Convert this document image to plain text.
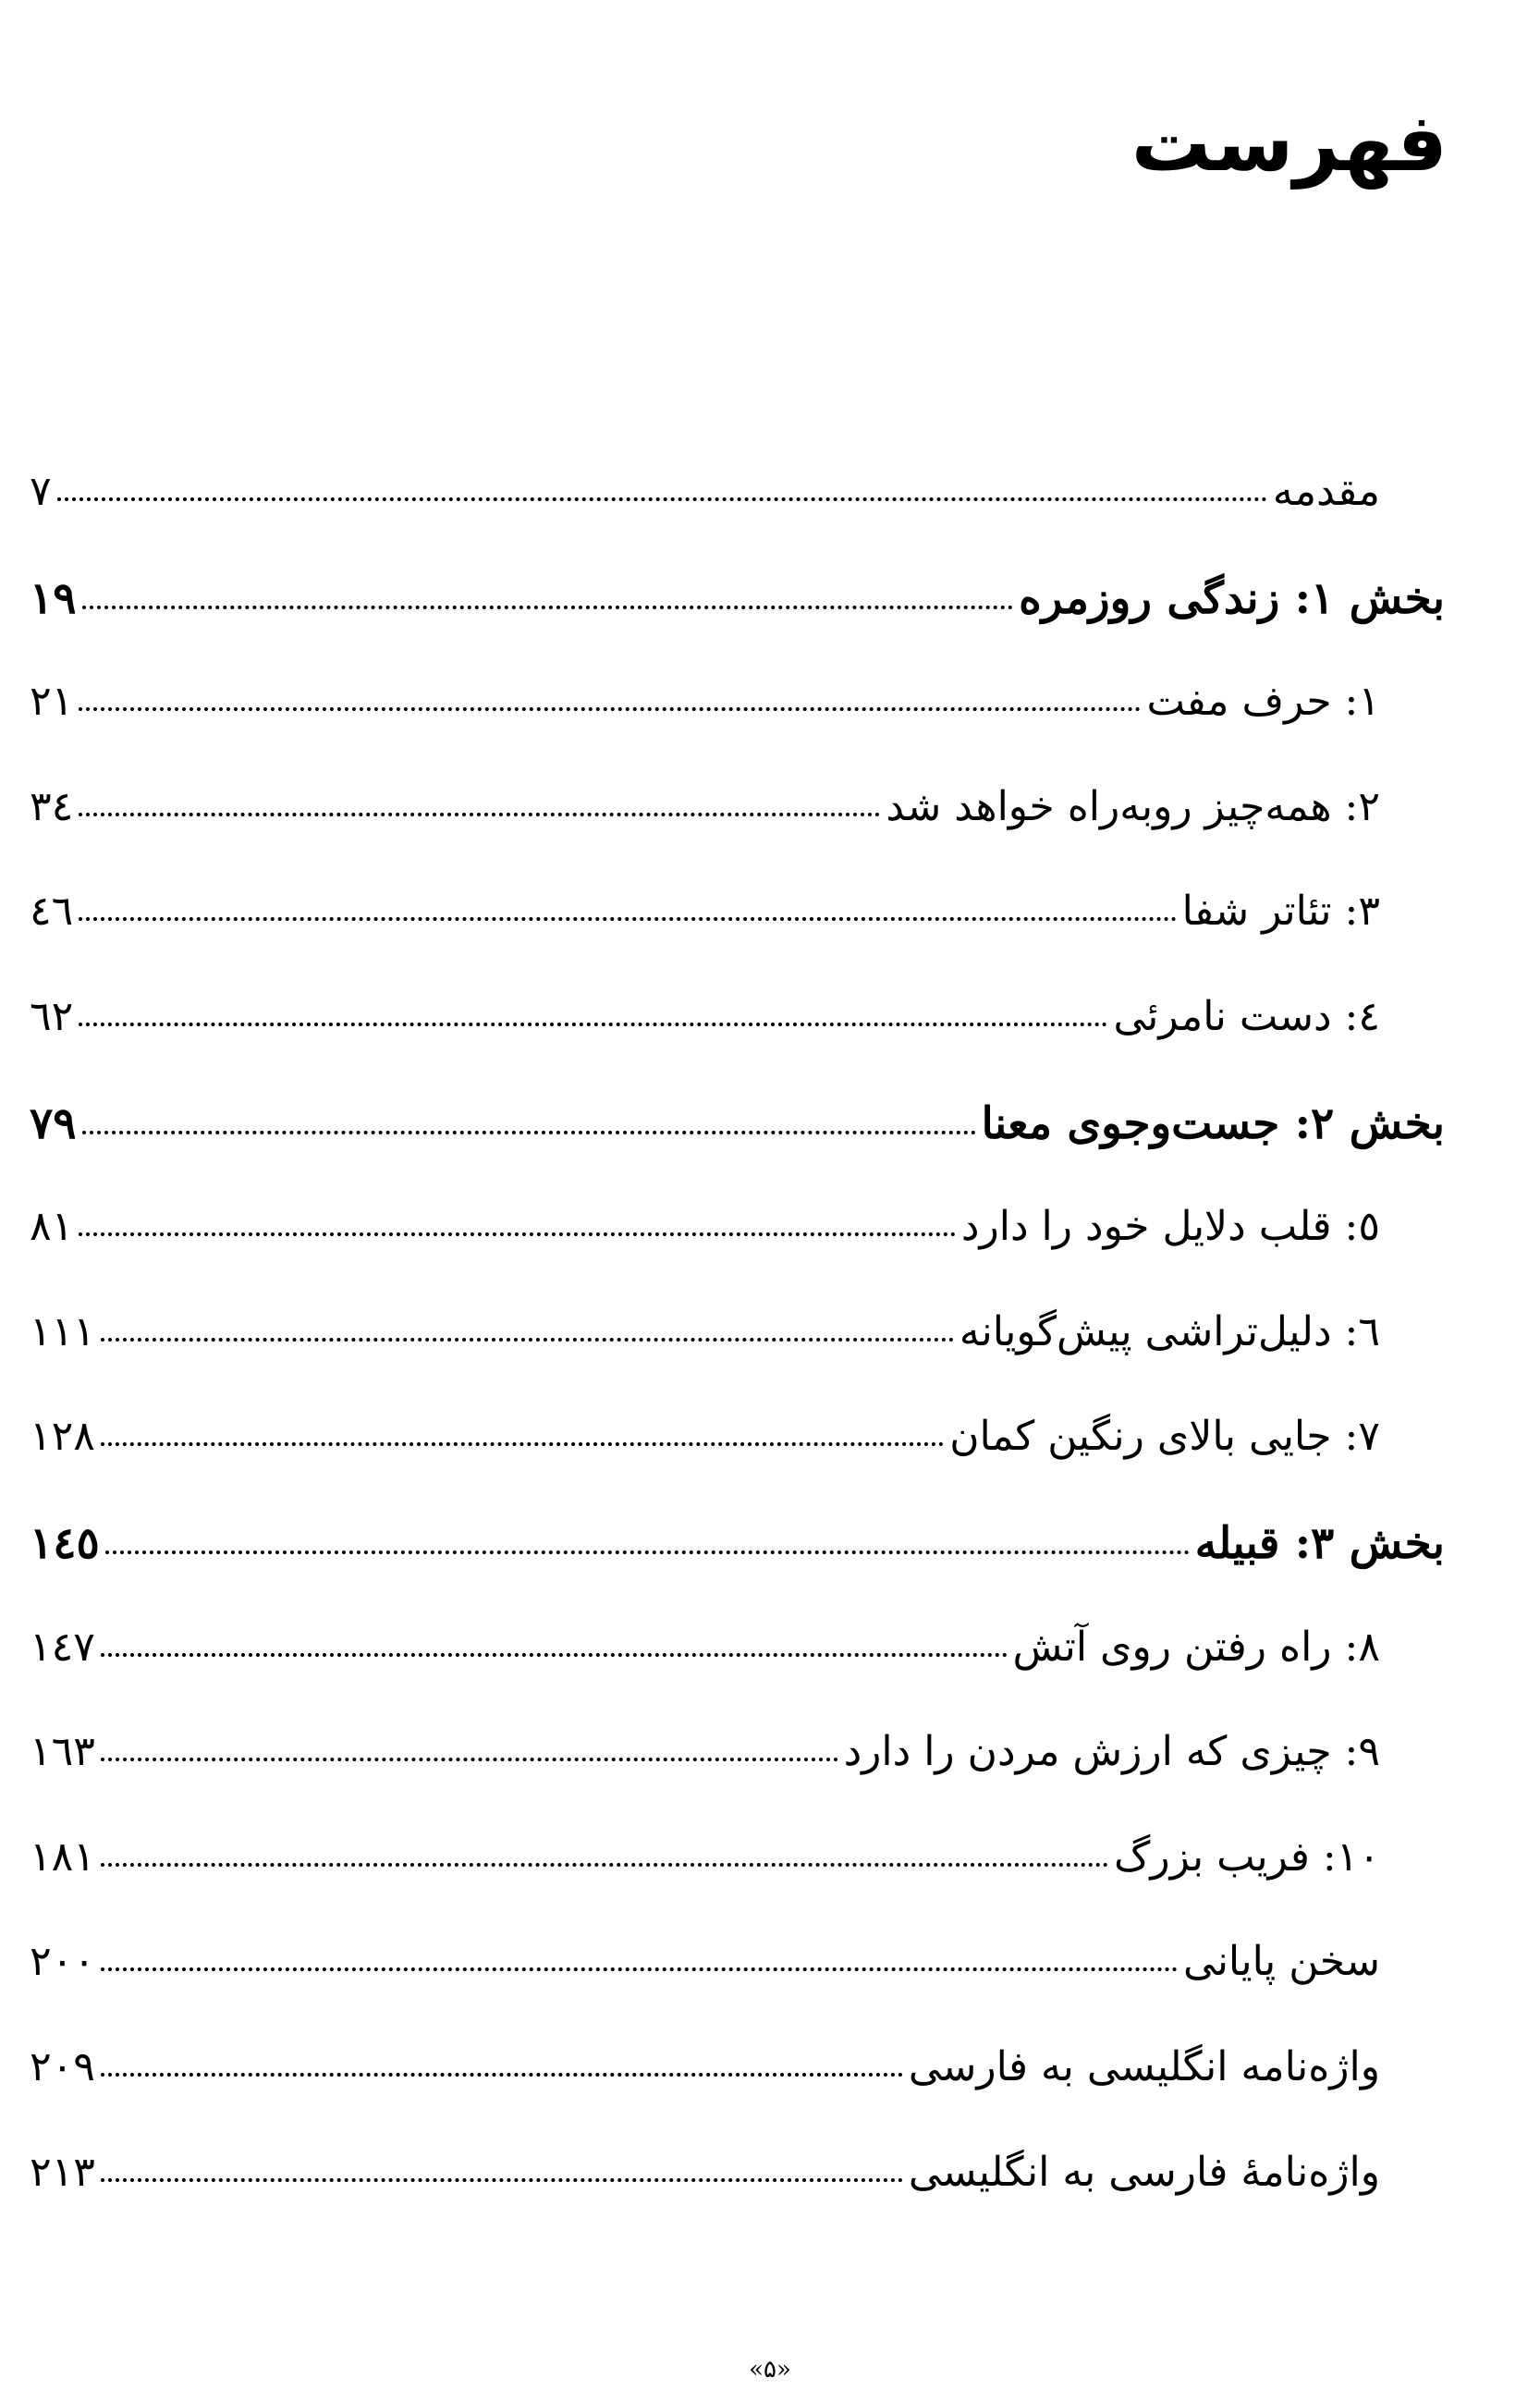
فهرست
مقدمه
۷
بخش ۱: زندگی روزمره
۱۹
۱: حرف مفت
۲۱
۲: همه‌چیز روبه‌راه خواهد شد
۳٤
۳: تئاتر شفا
٤٦
٤: دست نامرئی
٦۲
بخش ۲: جست‌وجوی معنا
۷۹
٥: قلب دلایل خود را دارد
۸۱
٦: دلیل‌تراشی پیش‌گویانه
۱۱۱
۷: جایی بالای رنگین کمان
۱۲۸
بخش ۳: قبیله
۱٤٥
۸: راه رفتن روی آتش
۱٤۷
۹: چیزی که ارزش مردن را دارد
۱٦۳
۱۰: فریب بزرگ
۱۸۱
سخن پایانی
۲۰۰
واژه‌نامه انگلیسی به فارسی
۲۰۹
واژه‌نامهٔ فارسی به انگلیسی
۲۱۳
«۵»
